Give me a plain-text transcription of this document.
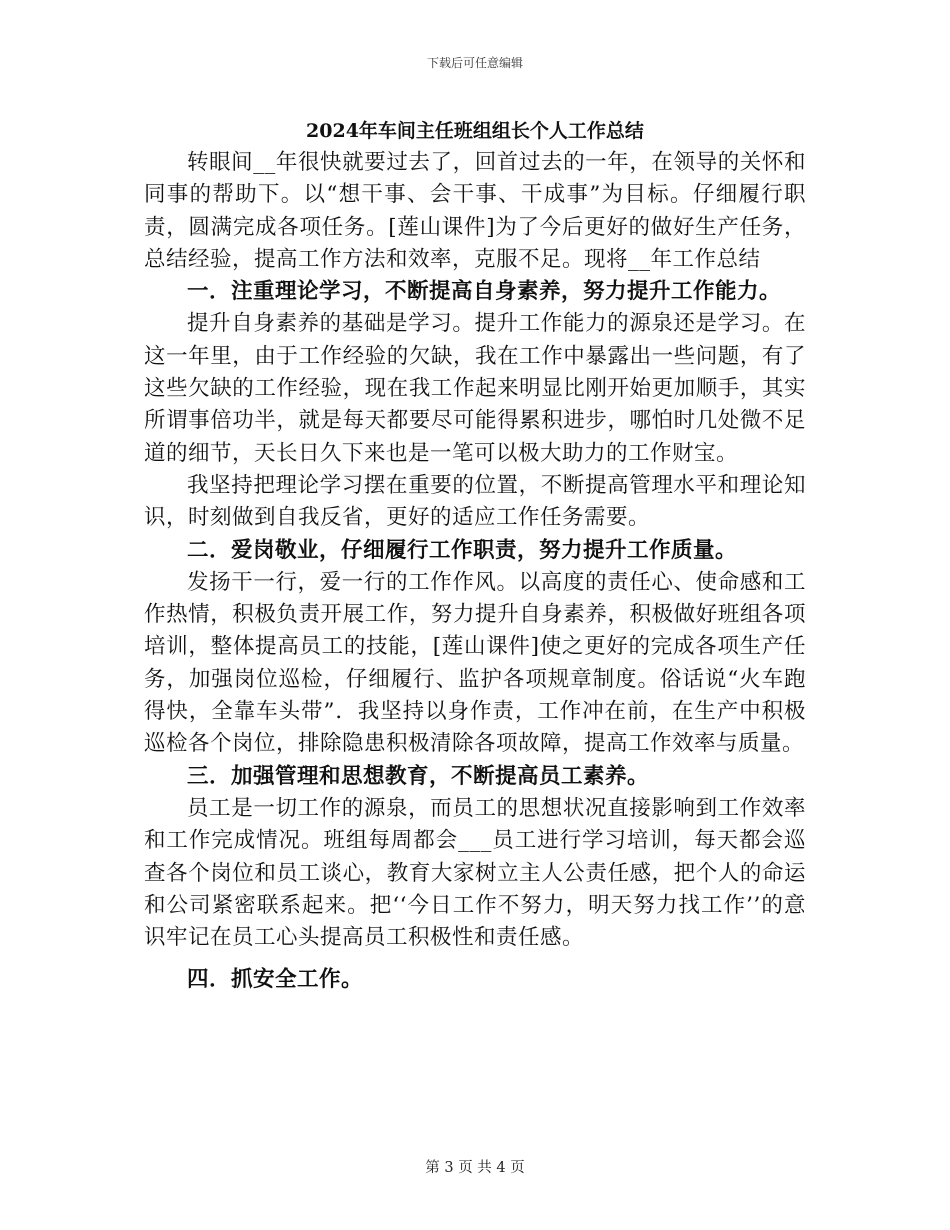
下载后可任意编辑
2024年车间主任班组组长个人工作总结

转眼间__年很快就要过去了，回首过去的一年，在领导的关怀和同事的帮助下。以“想干事、会干事、干成事”为目标。仔细履行职责，圆满完成各项任务。[莲山课件]为了今后更好的做好生产任务，总结经验，提高工作方法和效率，克服不足。现将__年工作总结

一．注重理论学习，不断提高自身素养，努力提升工作能力。

提升自身素养的基础是学习。提升工作能力的源泉还是学习。在这一年里，由于工作经验的欠缺，我在工作中暴露出一些问题，有了这些欠缺的工作经验，现在我工作起来明显比刚开始更加顺手，其实所谓事倍功半，就是每天都要尽可能得累积进步，哪怕时几处微不足道的细节，天长日久下来也是一笔可以极大助力的工作财宝。

我坚持把理论学习摆在重要的位置，不断提高管理水平和理论知识，时刻做到自我反省，更好的适应工作任务需要。

二．爱岗敬业，仔细履行工作职责，努力提升工作质量。

发扬干一行，爱一行的工作作风。以高度的责任心、使命感和工作热情，积极负责开展工作，努力提升自身素养，积极做好班组各项培训，整体提高员工的技能，[莲山课件]使之更好的完成各项生产任务，加强岗位巡检，仔细履行、监护各项规章制度。俗话说“火车跑得快，全靠车头带”．我坚持以身作责，工作冲在前，在生产中积极巡检各个岗位，排除隐患积极清除各项故障，提高工作效率与质量。

三．加强管理和思想教育，不断提高员工素养。

员工是一切工作的源泉，而员工的思想状况直接影响到工作效率和工作完成情况。班组每周都会___员工进行学习培训，每天都会巡查各个岗位和员工谈心，教育大家树立主人公责任感，把个人的命运和公司紧密联系起来。把‘‘今日工作不努力，明天努力找工作’’的意识牢记在员工心头提高员工积极性和责任感。

四．抓安全工作。

第 3 页 共 4 页
